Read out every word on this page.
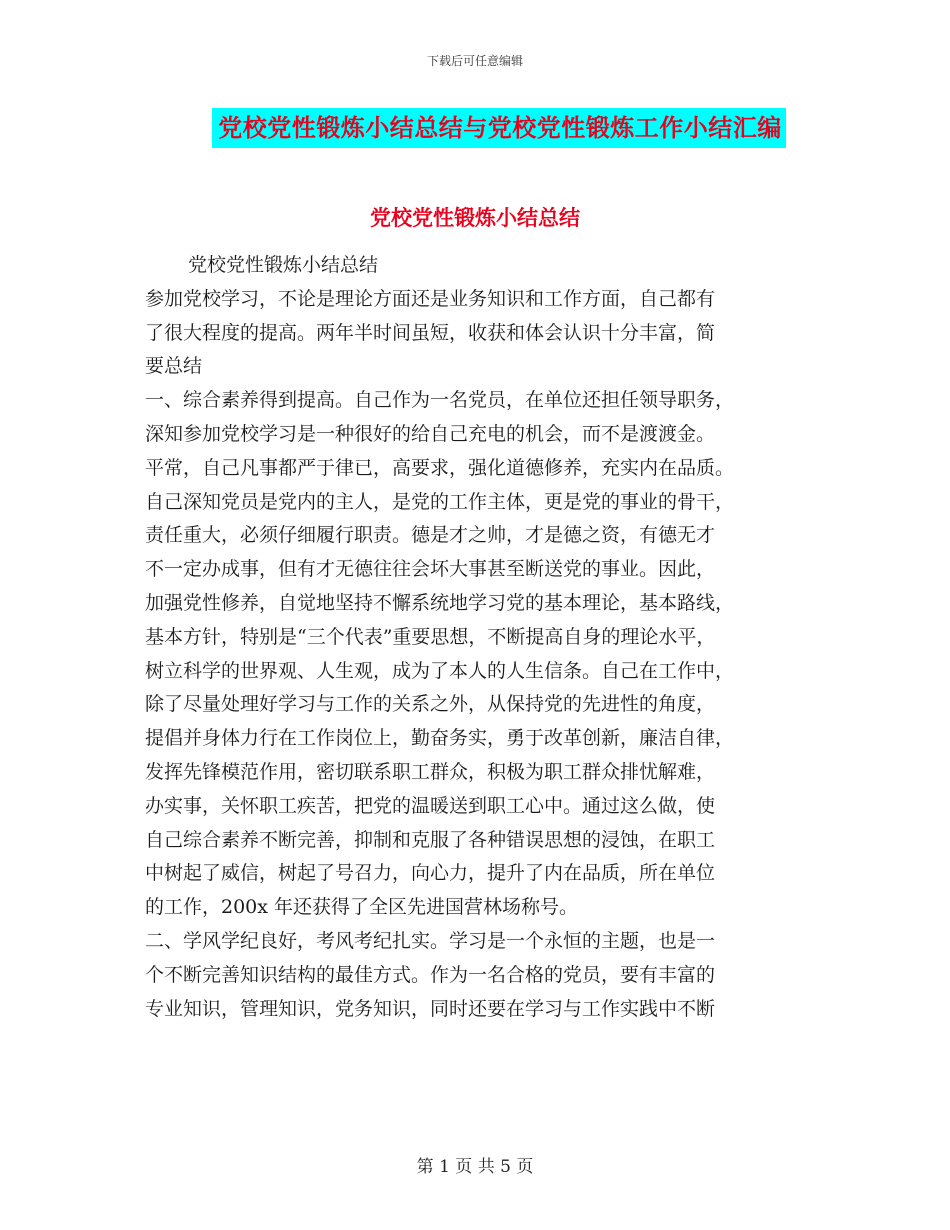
下载后可任意编辑
党校党性锻炼小结总结与党校党性锻炼工作小结汇编
党校党性锻炼小结总结

党校党性锻炼小结总结

参加党校学习，不论是理论方面还是业务知识和工作方面，自己都有

了很大程度的提高。两年半时间虽短，收获和体会认识十分丰富，简

要总结

一、综合素养得到提高。自己作为一名党员，在单位还担任领导职务，

深知参加党校学习是一种很好的给自己充电的机会，而不是渡渡金。

平常，自己凡事都严于律已，高要求，强化道德修养，充实内在品质。

自己深知党员是党内的主人，是党的工作主体，更是党的事业的骨干，

责任重大，必须仔细履行职责。德是才之帅，才是德之资，有德无才

不一定办成事，但有才无德往往会坏大事甚至断送党的事业。因此，

加强党性修养，自觉地坚持不懈系统地学习党的基本理论，基本路线，

基本方针，特别是“三个代表”重要思想，不断提高自身的理论水平，

树立科学的世界观、人生观，成为了本人的人生信条。自己在工作中，

除了尽量处理好学习与工作的关系之外，从保持党的先进性的角度，

提倡并身体力行在工作岗位上，勤奋务实，勇于改革创新，廉洁自律，

发挥先锋模范作用，密切联系职工群众，积极为职工群众排忧解难，

办实事，关怀职工疾苦，把党的温暖送到职工心中。通过这么做，使

自己综合素养不断完善，抑制和克服了各种错误思想的浸蚀，在职工

中树起了威信，树起了号召力，向心力，提升了内在品质，所在单位

的工作，200x 年还获得了全区先进国营林场称号。

二、学风学纪良好，考风考纪扎实。学习是一个永恒的主题，也是一

个不断完善知识结构的最佳方式。作为一名合格的党员，要有丰富的

专业知识，管理知识，党务知识，同时还要在学习与工作实践中不断

第 1 页 共 5 页
